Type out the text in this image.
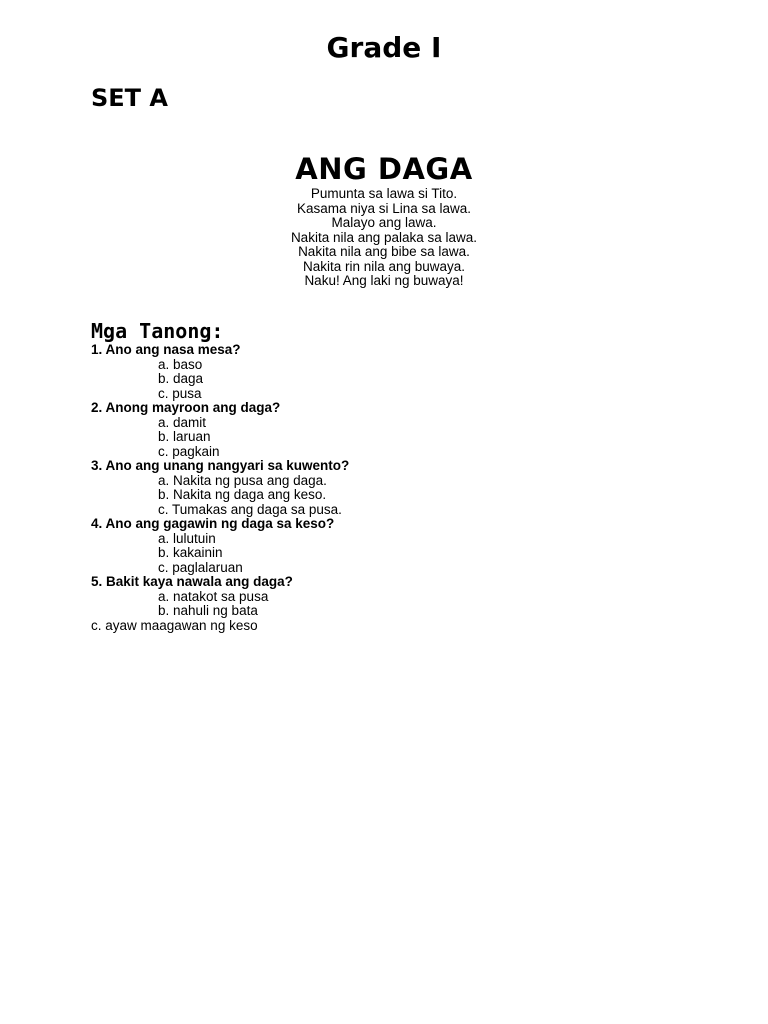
Grade I
SET A
ANG DAGA
Pumunta sa lawa si Tito.
Kasama niya si Lina sa lawa.
Malayo ang lawa.
Nakita nila ang palaka sa lawa.
Nakita nila ang bibe sa lawa.
Nakita rin nila ang buwaya.
Naku! Ang laki ng buwaya!
Mga Tanong:
1. Ano ang nasa mesa?
a. baso
b. daga
c. pusa
2. Anong mayroon ang daga?
a. damit
b. laruan
c. pagkain
3. Ano ang unang nangyari sa kuwento?
a. Nakita ng pusa ang daga.
b. Nakita ng daga ang keso.
c. Tumakas ang daga sa pusa.
4. Ano ang gagawin ng daga sa keso?
a. lulutuin
b. kakainin
c. paglalaruan
5. Bakit kaya nawala ang daga?
a. natakot sa pusa
b. nahuli ng bata
c. ayaw maagawan ng keso
